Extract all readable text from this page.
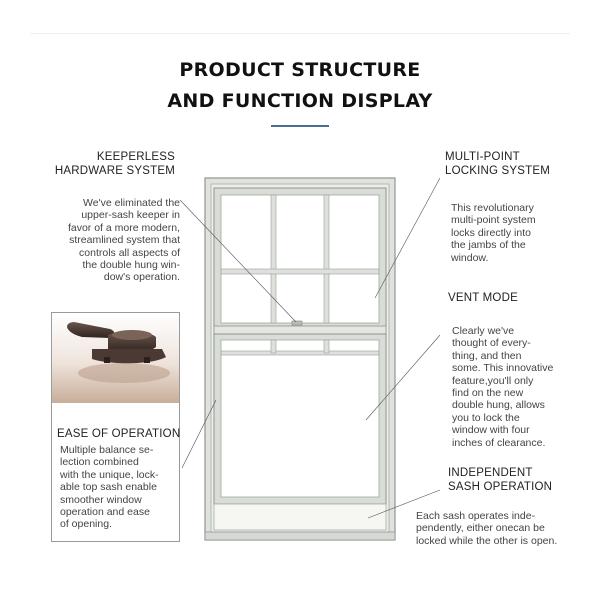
PRODUCT STRUCTURE
AND FUNCTION DISPLAY
KEEPERLESS
HARDWARE SYSTEM
We've eliminated the
upper-sash keeper in
favor of a more modern,
streamlined system that
controls all aspects of
the double hung win-
dow's operation.
EASE OF OPERATION
Multiple balance se-
lection combined
with the unique, lock-
able top sash enable
smoother window
operation and ease
of opening.
MULTI-POINT
LOCKING SYSTEM
This revolutionary
multi-point system
locks directly into
the jambs of the
window.
VENT MODE
Clearly we've
thought of every-
thing, and then
some. This innovative
feature,you'll only
find on the new
double hung, allows
you to lock the
window with four
inches of clearance.
INDEPENDENT
SASH OPERATION
Each sash operates inde-
pendently, either onecan be
locked while the other is open.
